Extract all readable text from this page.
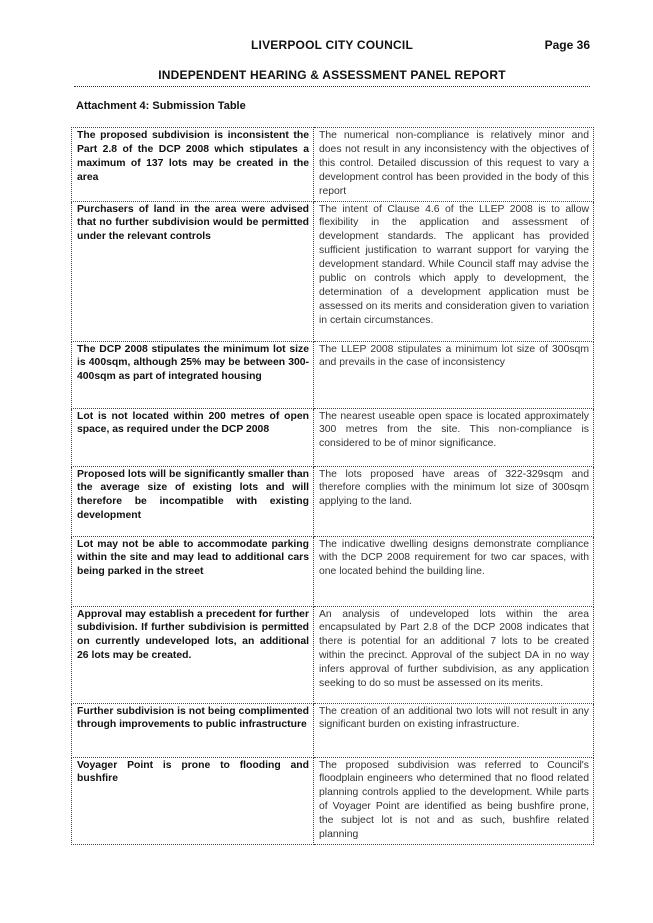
LIVERPOOL CITY COUNCIL	Page 36
INDEPENDENT HEARING & ASSESSMENT PANEL REPORT
Attachment 4: Submission Table
The proposed subdivision is inconsistent the Part 2.8 of the DCP 2008 which stipulates a maximum of 137 lots may be created in the area	The numerical non-compliance is relatively minor and does not result in any inconsistency with the objectives of this control. Detailed discussion of this request to vary a development control has been provided in the body of this report
Purchasers of land in the area were advised that no further subdivision would be permitted under the relevant controls	The intent of Clause 4.6 of the LLEP 2008 is to allow flexibility in the application and assessment of development standards. The applicant has provided sufficient justification to warrant support for varying the development standard. While Council staff may advise the public on controls which apply to development, the determination of a development application must be assessed on its merits and consideration given to variation in certain circumstances.
The DCP 2008 stipulates the minimum lot size is 400sqm, although 25% may be between 300-400sqm as part of integrated housing	The LLEP 2008 stipulates a minimum lot size of 300sqm and prevails in the case of inconsistency
Lot is not located within 200 metres of open space, as required under the DCP 2008	The nearest useable open space is located approximately 300 metres from the site. This non-compliance is considered to be of minor significance.
Proposed lots will be significantly smaller than the average size of existing lots and will therefore be incompatible with existing development	The lots proposed have areas of 322-329sqm and therefore complies with the minimum lot size of 300sqm applying to the land.
Lot may not be able to accommodate parking within the site and may lead to additional cars being parked in the street	The indicative dwelling designs demonstrate compliance with the DCP 2008 requirement for two car spaces, with one located behind the building line.
Approval may establish a precedent for further subdivision. If further subdivision is permitted on currently undeveloped lots, an additional 26 lots may be created.	An analysis of undeveloped lots within the area encapsulated by Part 2.8 of the DCP 2008 indicates that there is potential for an additional 7 lots to be created within the precinct. Approval of the subject DA in no way infers approval of further subdivision, as any application seeking to do so must be assessed on its merits.
Further subdivision is not being complimented through improvements to public infrastructure	The creation of an additional two lots will not result in any significant burden on existing infrastructure.
Voyager Point is prone to flooding and bushfire	The proposed subdivision was referred to Council's floodplain engineers who determined that no flood related planning controls applied to the development. While parts of Voyager Point are identified as being bushfire prone, the subject lot is not and as such, bushfire related planning
